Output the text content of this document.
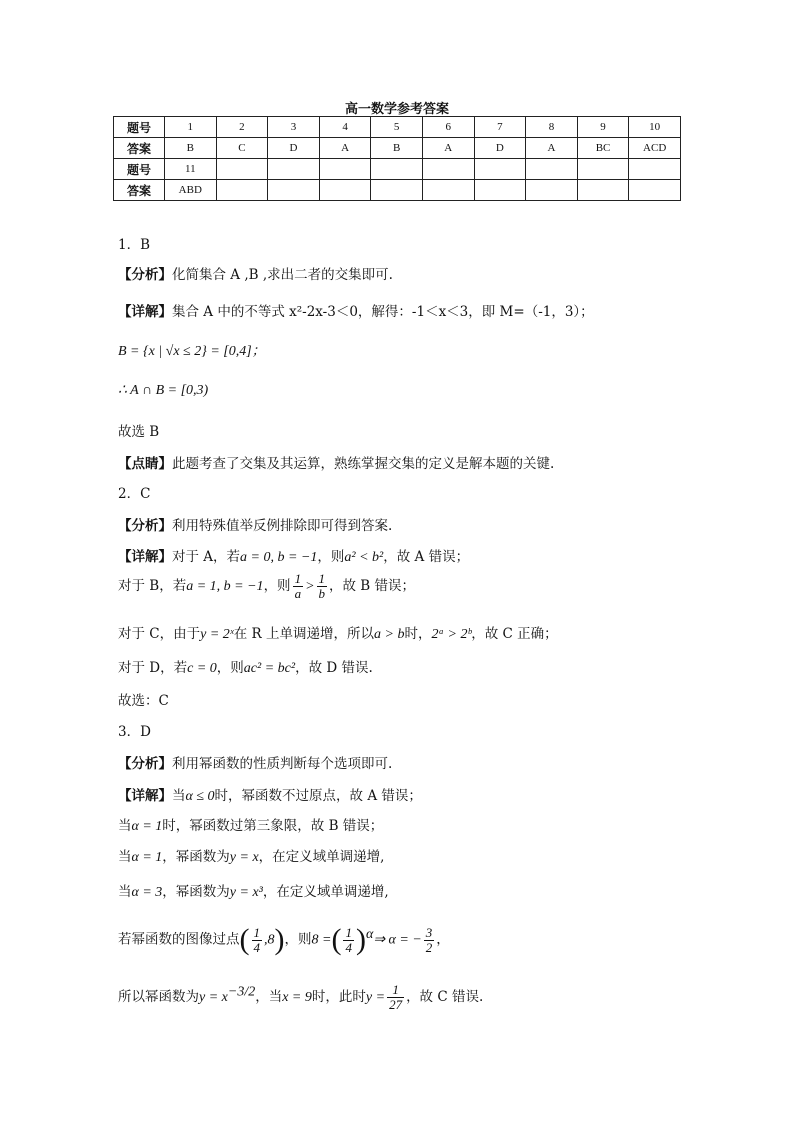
高一数学参考答案
题号	1	2	3	4	5	6	7	8	9	10
答案	B	C	D	A	B	A	D	A	BC	ACD
题号	11									
答案	ABD									
1．B
【分析】化简集合 A ,B ,求出二者的交集即可.
【详解】集合 A 中的不等式 x²-2x-3＜0，解得：-1＜x＜3，即 M=（-1，3）；
B = {x | √x ≤ 2} = [0,4]；
∴ A ∩ B = [0,3)
故选 B
【点睛】此题考查了交集及其运算，熟练掌握交集的定义是解本题的关键.
2．C
【分析】利用特殊值举反例排除即可得到答案.
【详解】对于 A，若a = 0, b = −1，则a² < b²，故 A 错误；
对于 B，若a = 1, b = −1，则 $\frac{1}{a} > \frac{1}{b}$ ，故 B 错误；
对于 C，由于y = 2ˣ在 R 上单调递增，所以a > b时，2ᵃ > 2ᵇ，故 C 正确；
对于 D，若c = 0，则ac² = bc²，故 D 错误.
故选：C
3．D
【分析】利用幂函数的性质判断每个选项即可.
【详解】当α ≤ 0时，幂函数不过原点，故 A 错误；
当α = 1时，幂函数过第三象限，故 B 错误；
当α = 1，幂函数为y = x，在定义域单调递增,
当α = 3，幂函数为y = x³，在定义域单调递增,
若幂函数的图像过点( $\frac{1}{4} ,8$)，则8 =( $\frac{1}{4}$ )$^\alpha$⇒ α = − $\frac{3}{2}$ ，
所以幂函数为$y = x^{-3/2}$，当x = 9时，此时$y = \frac{1}{27}$ ，故 C 错误.
